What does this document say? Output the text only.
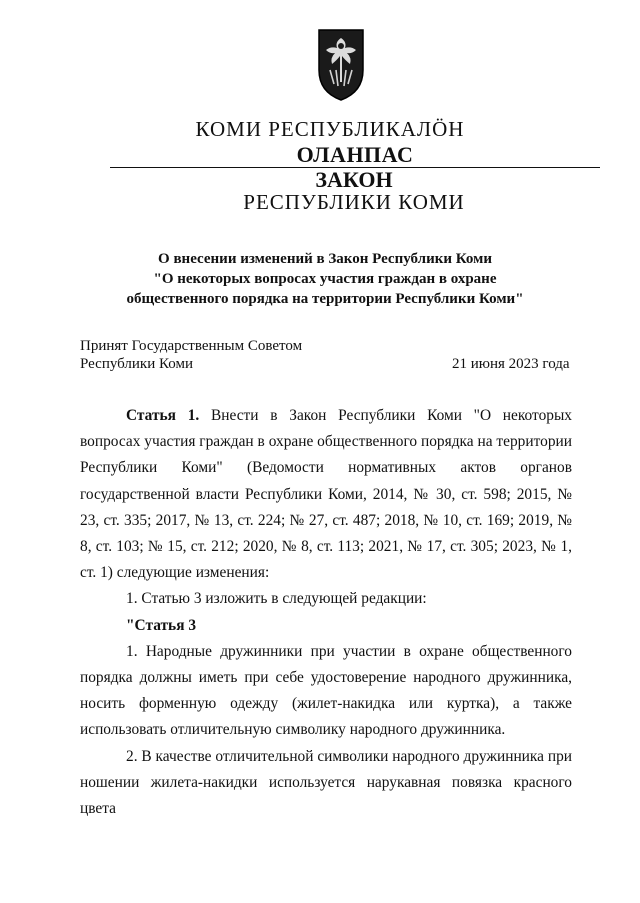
КОМИ РЕСПУБЛИКАЛÖН
ОЛАНПАС
ЗАКОН
РЕСПУБЛИКИ КОМИ
О внесении изменений в Закон Республики Коми
"О некоторых вопросах участия граждан в охране
общественного порядка на территории Республики Коми"
Принят Государственным Советом
Республики Коми	21 июня 2023 года

Статья 1. Внести в Закон Республики Коми "О некоторых вопросах участия граждан в охране общественного порядка на территории Республики Коми" (Ведомости нормативных актов органов государственной власти Республики Коми, 2014, № 30, ст. 598; 2015, № 23, ст. 335; 2017, № 13, ст. 224; № 27, ст. 487; 2018, № 10, ст. 169; 2019, № 8, ст. 103; № 15, ст. 212; 2020, № 8, ст. 113; 2021, № 17, ст. 305; 2023, № 1, ст. 1) следующие изменения:

1. Статью 3 изложить в следующей редакции:

"Статья 3

1. Народные дружинники при участии в охране общественного порядка должны иметь при себе удостоверение народного дружинника, носить форменную одежду (жилет-накидка или куртка), а также использовать отличительную символику народного дружинника.

2. В качестве отличительной символики народного дружинника при ношении жилета-накидки используется нарукавная повязка красного цвета
